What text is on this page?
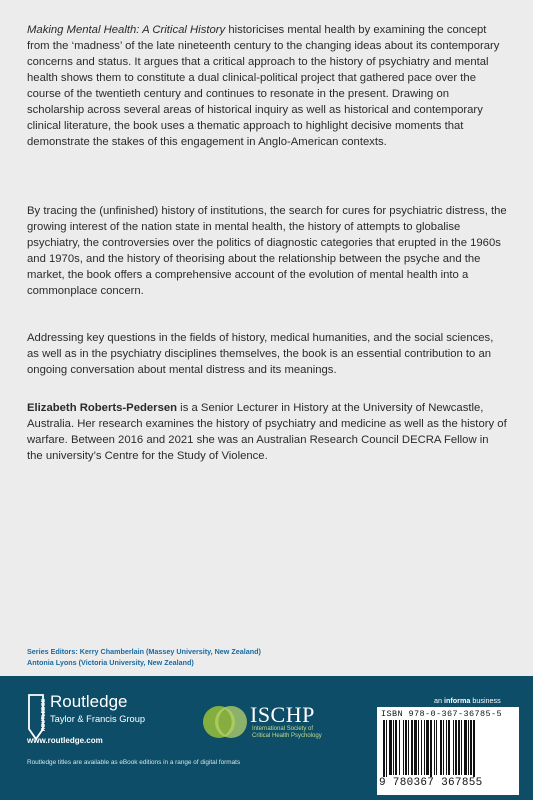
Making Mental Health: A Critical History historicises mental health by examining the concept from the ‘madness’ of the late nineteenth century to the changing ideas about its contemporary concerns and status. It argues that a critical approach to the history of psychiatry and mental health shows them to constitute a dual clinical-political project that gathered pace over the course of the twentieth century and continues to resonate in the present. Drawing on scholarship across several areas of historical inquiry as well as historical and contemporary clinical literature, the book uses a thematic approach to highlight decisive moments that demonstrate the stakes of this engagement in Anglo-American contexts.

By tracing the (unfinished) history of institutions, the search for cures for psychiatric distress, the growing interest of the nation state in mental health, the history of attempts to globalise psychiatry, the controversies over the politics of diagnostic categories that erupted in the 1960s and 1970s, and the history of theorising about the relationship between the psyche and the market, the book offers a comprehensive account of the evolution of mental health into a commonplace concern.

Addressing key questions in the fields of history, medical humanities, and the social sciences, as well as in the psychiatry disciplines themselves, the book is an essential contribution to an ongoing conversation about mental distress and its meanings.

Elizabeth Roberts-Pedersen is a Senior Lecturer in History at the University of Newcastle, Australia. Her research examines the history of psychiatry and medicine as well as the history of warfare. Between 2016 and 2021 she was an Australian Research Council DECRA Fellow in the university’s Centre for the Study of Violence.

Series Editors: Kerry Chamberlain (Massey University, New Zealand)
Antonia Lyons (Victoria University, New Zealand)
ROUTLEDGE Routledge
Taylor & Francis Group
www.routledge.com
Routledge titles are available as eBook editions in a range of digital formats
ISCHP
International Society of
Critical Health Psychology
an informa business
ISBN 978-0-367-36785-5
9 780367 367855
